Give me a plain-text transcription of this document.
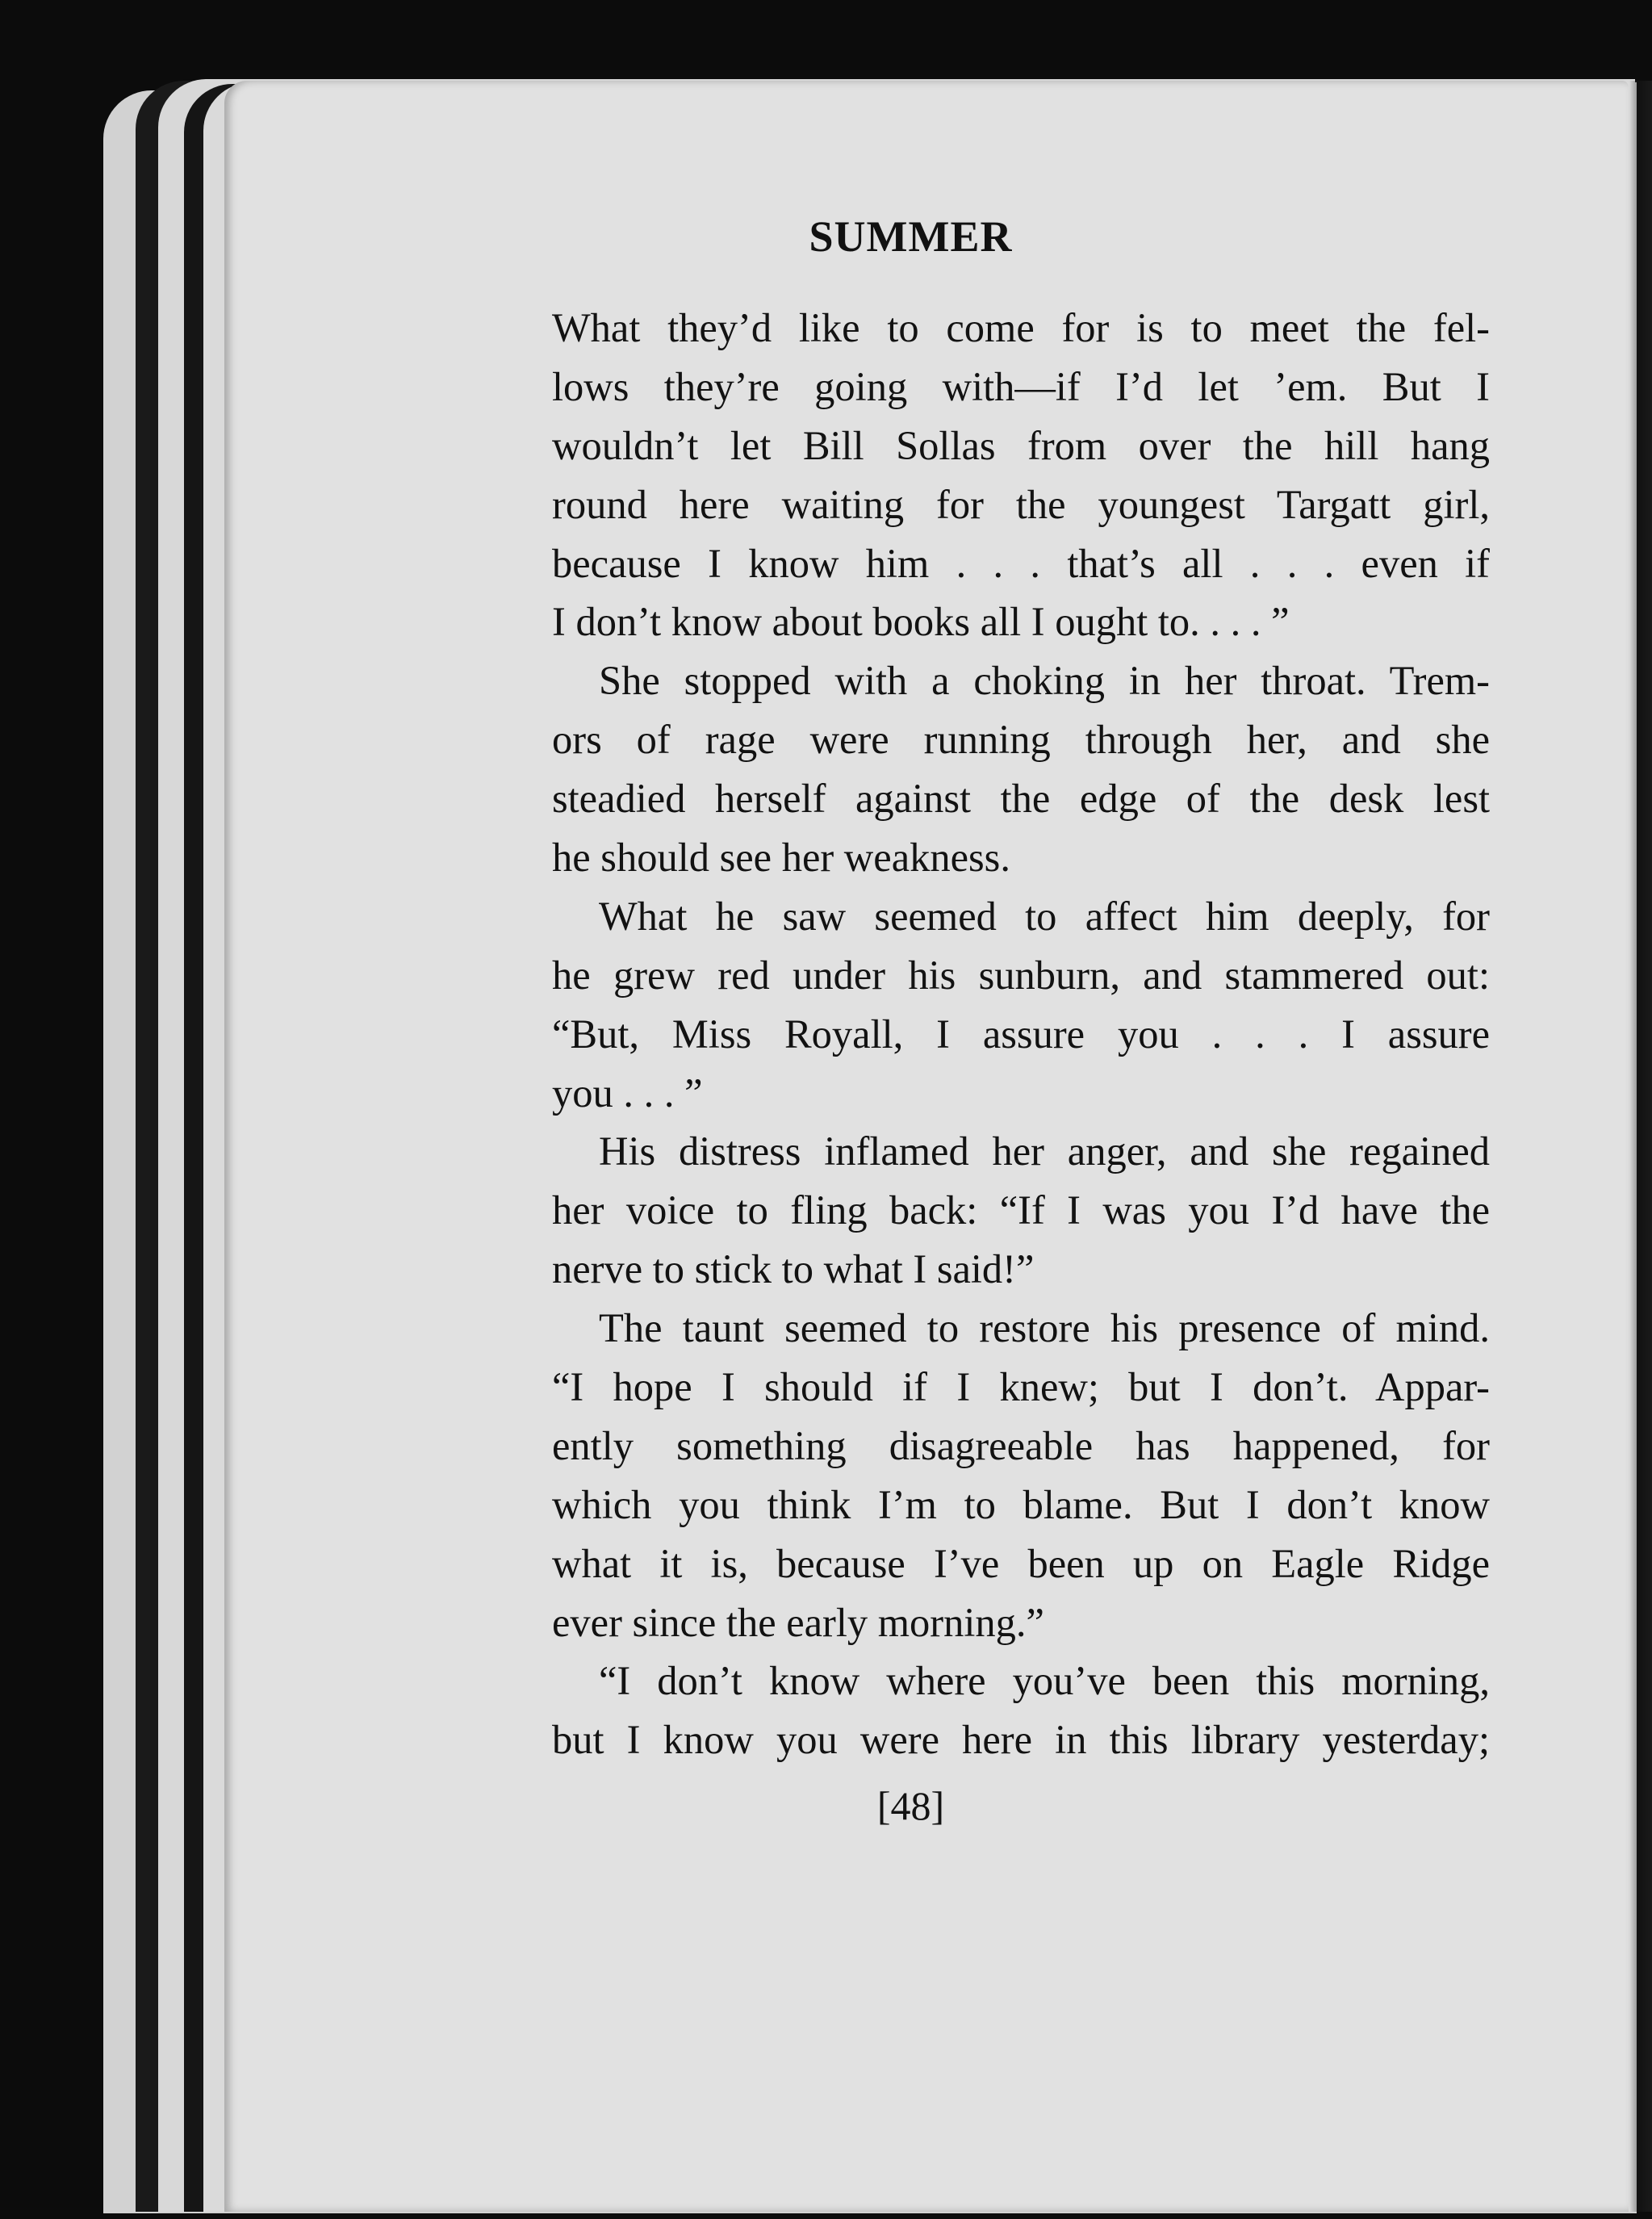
SUMMER
What they’d like to come for is to meet the fel-
lows they’re going with—if I’d let ’em. But I
wouldn’t let Bill Sollas from over the hill hang
round here waiting for the youngest Targatt girl,
because I know him . . . that’s all . . . even if
I don’t know about books all I ought to. . . . ”
She stopped with a choking in her throat. Trem-
ors of rage were running through her, and she
steadied herself against the edge of the desk lest
he should see her weakness.
What he saw seemed to affect him deeply, for
he grew red under his sunburn, and stammered out:
“But, Miss Royall, I assure you . . . I assure
you . . . ”
His distress inflamed her anger, and she regained
her voice to fling back: “If I was you I’d have the
nerve to stick to what I said!”
The taunt seemed to restore his presence of mind.
“I hope I should if I knew; but I don’t. Appar-
ently something disagreeable has happened, for
which you think I’m to blame. But I don’t know
what it is, because I’ve been up on Eagle Ridge
ever since the early morning.”
“I don’t know where you’ve been this morning,
but I know you were here in this library yesterday;
[48]
